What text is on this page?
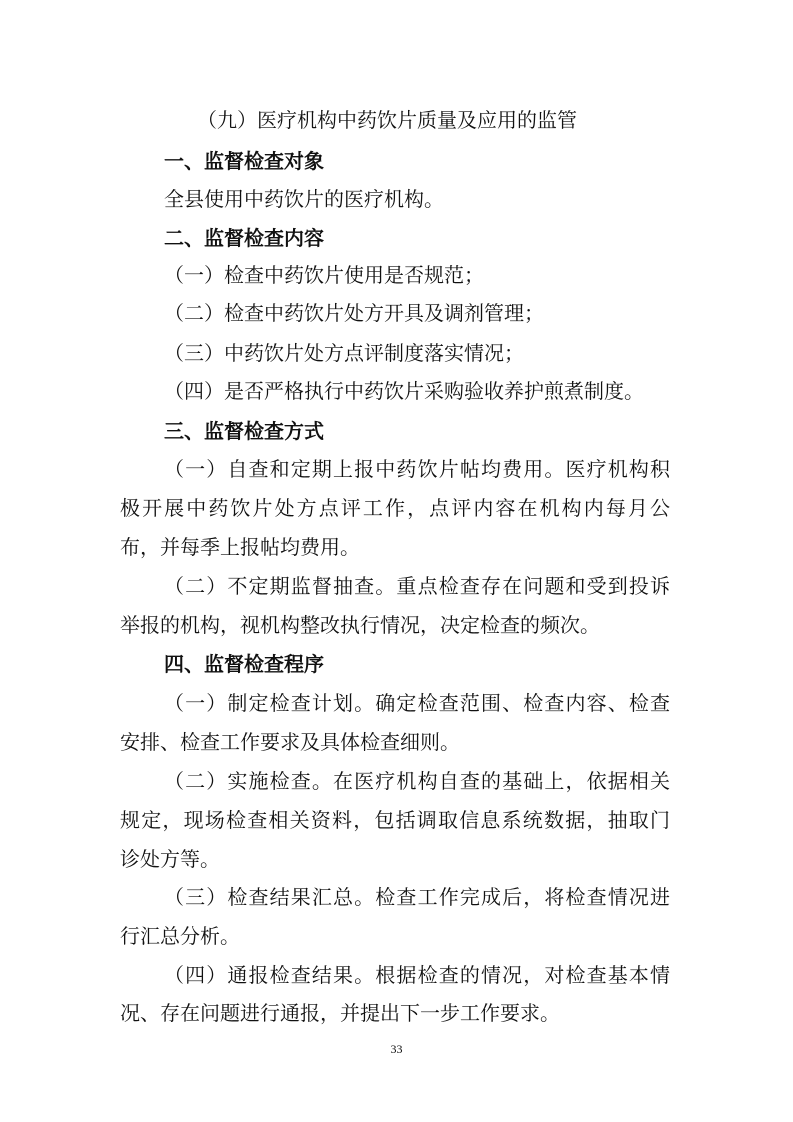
（九）医疗机构中药饮片质量及应用的监管
一、监督检查对象
全县使用中药饮片的医疗机构。
二、监督检查内容
（一）检查中药饮片使用是否规范；
（二）检查中药饮片处方开具及调剂管理；
（三）中药饮片处方点评制度落实情况；
（四）是否严格执行中药饮片采购验收养护煎煮制度。
三、监督检查方式
（一）自查和定期上报中药饮片帖均费用。医疗机构积
极开展中药饮片处方点评工作，点评内容在机构内每月公
布，并每季上报帖均费用。
（二）不定期监督抽查。重点检查存在问题和受到投诉
举报的机构，视机构整改执行情况，决定检查的频次。
四、监督检查程序
（一）制定检查计划。确定检查范围、检查内容、检查
安排、检查工作要求及具体检查细则。
（二）实施检查。在医疗机构自查的基础上，依据相关
规定，现场检查相关资料，包括调取信息系统数据，抽取门
诊处方等。
（三）检查结果汇总。检查工作完成后，将检查情况进
行汇总分析。
（四）通报检查结果。根据检查的情况，对检查基本情
况、存在问题进行通报，并提出下一步工作要求。
33
